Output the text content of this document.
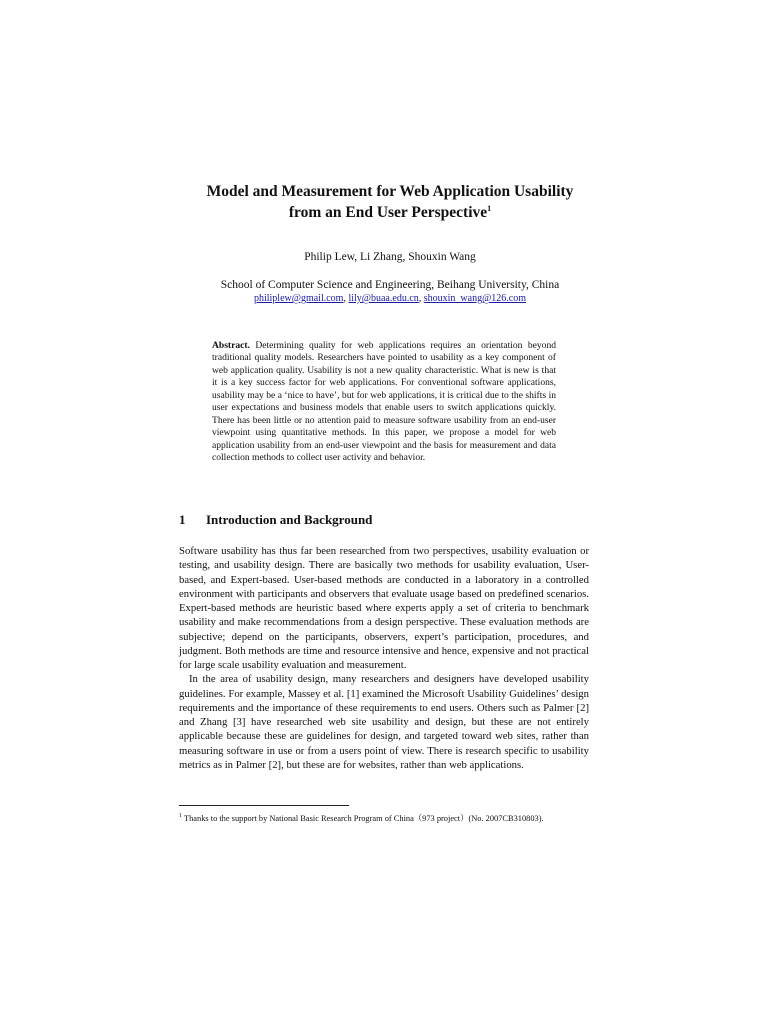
Model and Measurement for Web Application Usability
from an End User Perspective$^1$
Philip Lew, Li Zhang, Shouxin Wang
School of Computer Science and Engineering, Beihang University, China
philiplew@gmail.com, lily@buaa.edu.cn, shouxin_wang@126.com
Abstract. Determining quality for web applications requires an orientation beyond traditional quality models. Researchers have pointed to usability as a key component of web application quality. Usability is not a new quality characteristic. What is new is that it is a key success factor for web applications. For conventional software applications, usability may be a ‘nice to have’, but for web applications, it is critical due to the shifts in user expectations and business models that enable users to switch applications quickly. There has been little or no attention paid to measure software usability from an end-user viewpoint using quantitative methods. In this paper, we propose a model for web application usability from an end-user viewpoint and the basis for measurement and data collection methods to collect user activity and behavior.
1 Introduction and Background

Software usability has thus far been researched from two perspectives, usability evaluation or testing, and usability design. There are basically two methods for usability evaluation, User-based, and Expert-based. User-based methods are conducted in a laboratory in a controlled environment with participants and observers that evaluate usage based on predefined scenarios. Expert-based methods are heuristic based where experts apply a set of criteria to benchmark usability and make recommendations from a design perspective. These evaluation methods are subjective; depend on the participants, observers, expert’s participation, procedures, and judgment. Both methods are time and resource intensive and hence, expensive and not practical for large scale usability evaluation and measurement.

In the area of usability design, many researchers and designers have developed usability guidelines. For example, Massey et al. [1] examined the Microsoft Usability Guidelines’ design requirements and the importance of these requirements to end users. Others such as Palmer [2] and Zhang [3] have researched web site usability and design, but these are not entirely applicable because these are guidelines for design, and targeted toward web sites, rather than measuring software in use or from a users point of view. There is research specific to usability metrics as in Palmer [2], but these are for websites, rather than web applications.

$^1$ Thanks to the support by National Basic Research Program of China（973 project）(No. 2007CB310803).
